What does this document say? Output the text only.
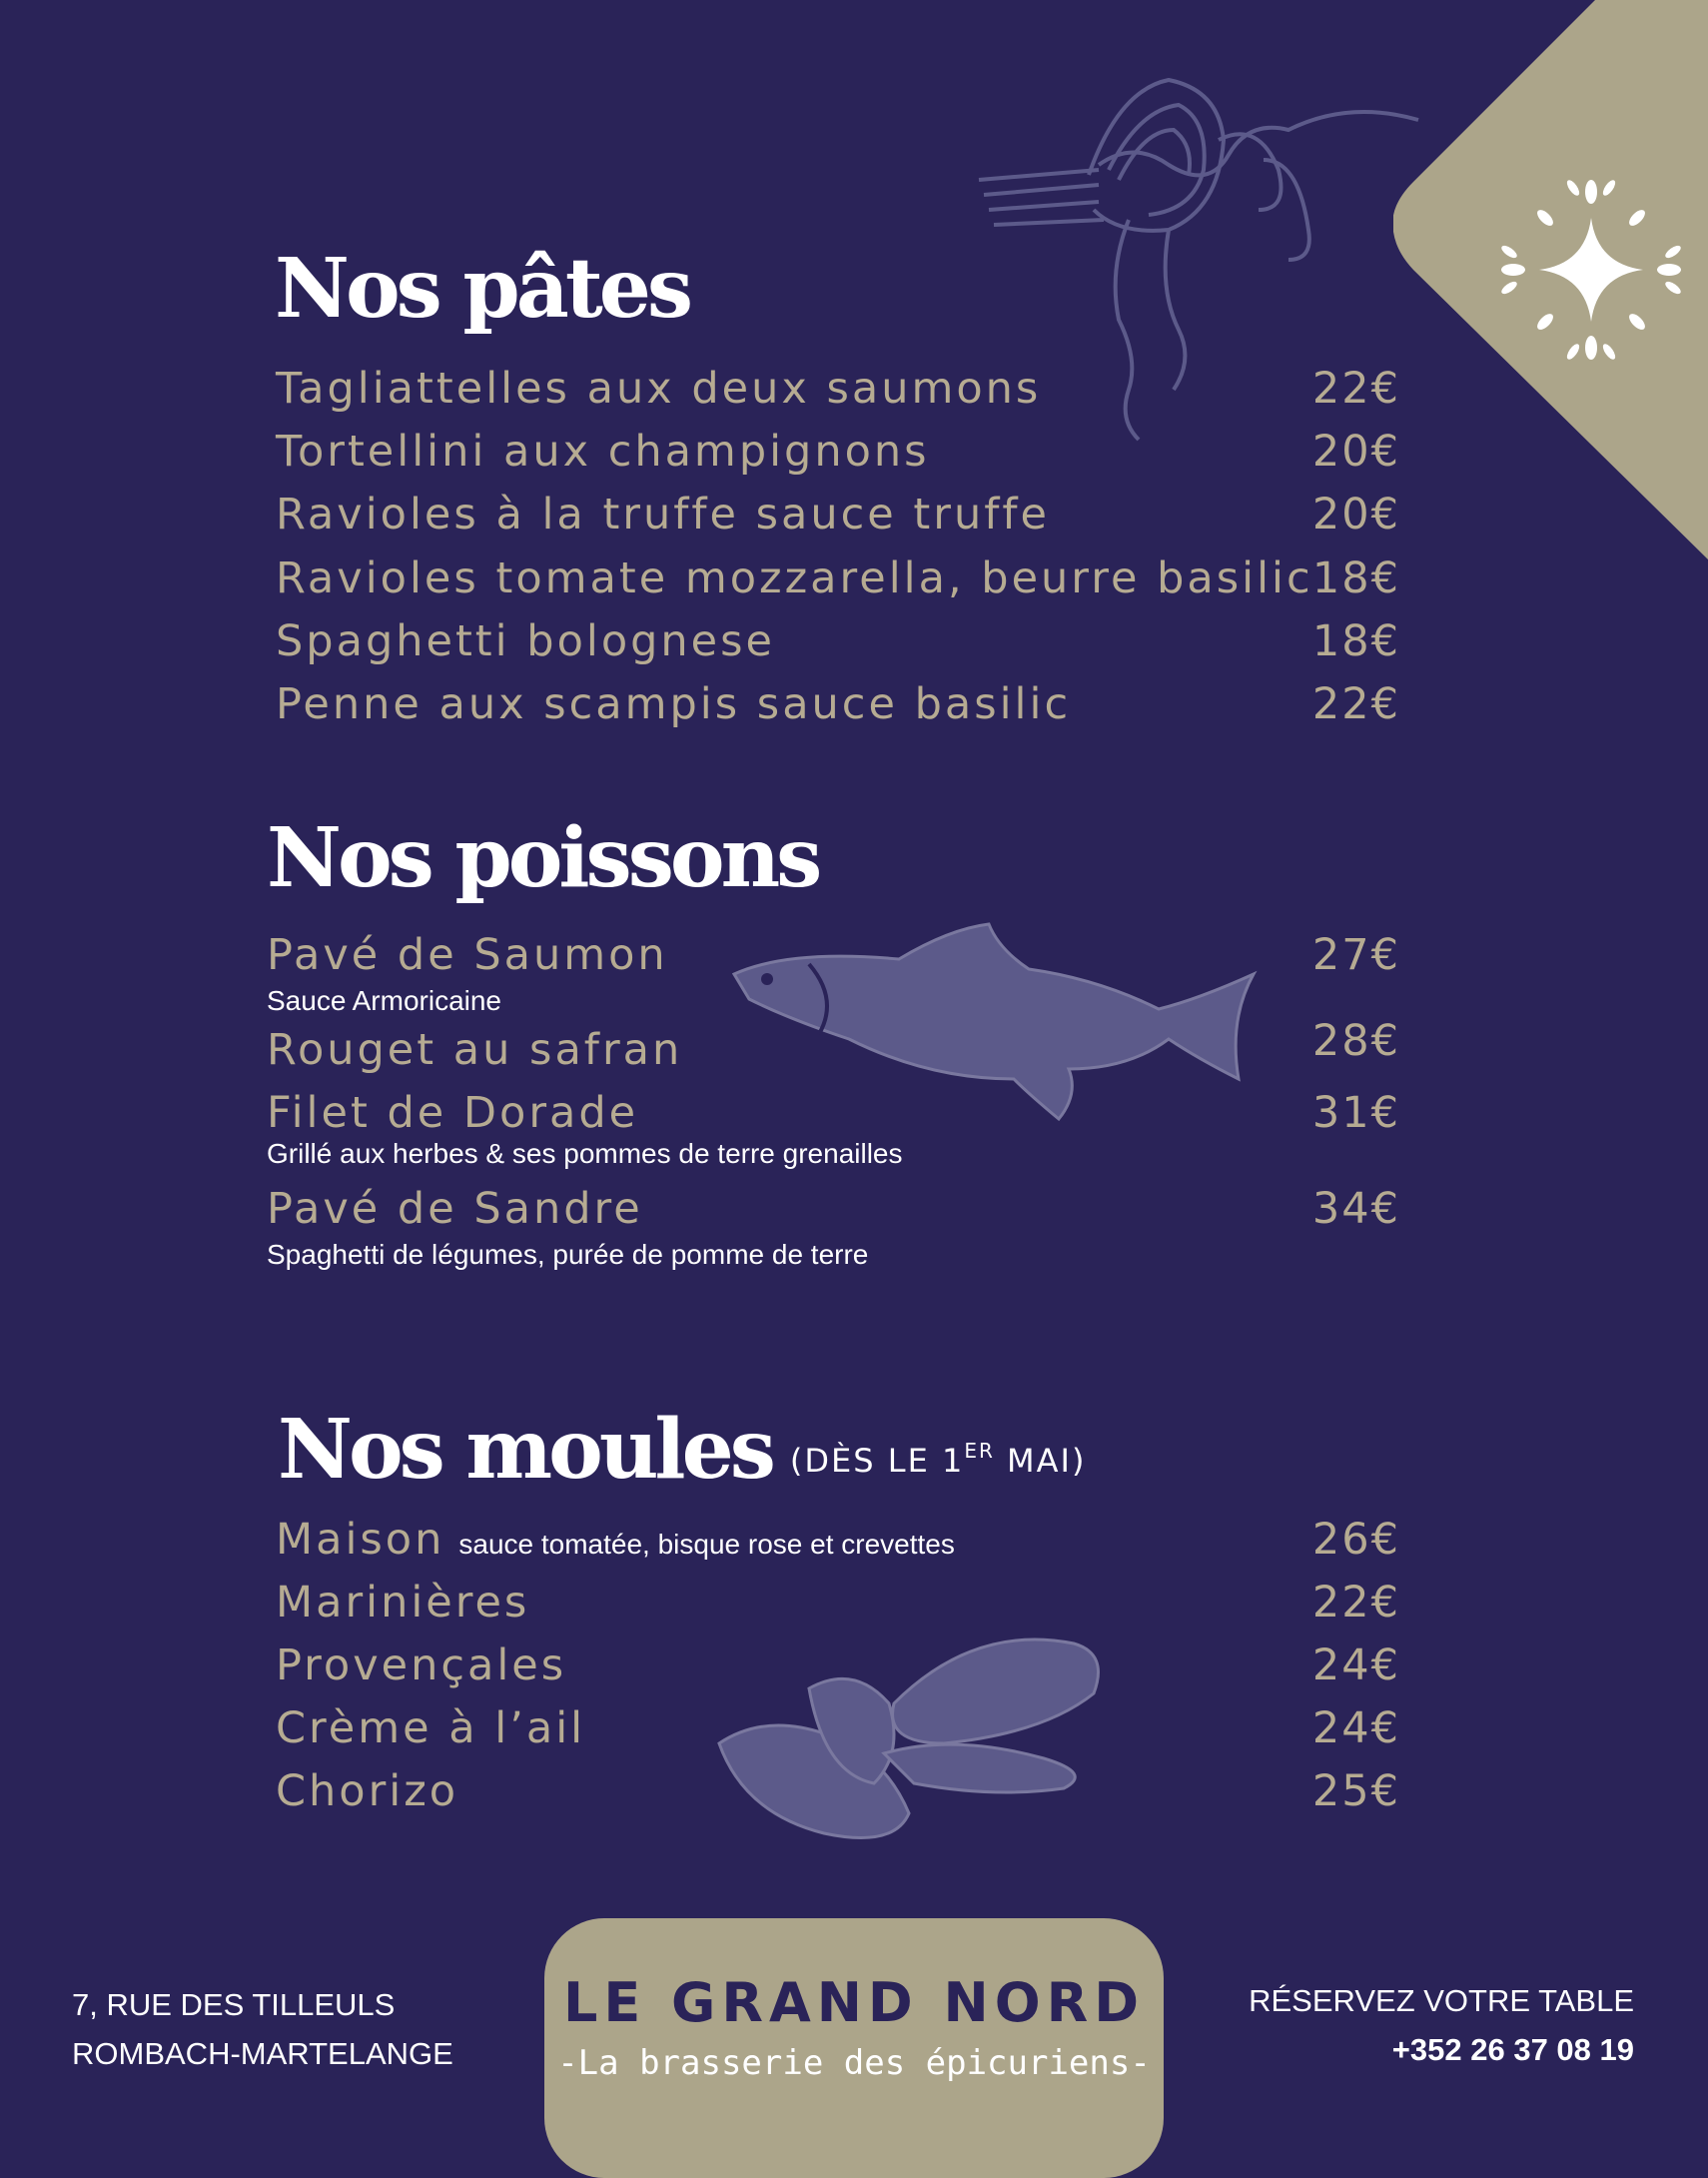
Nos pâtes
Tagliattelles aux deux saumons	22€
Tortellini aux champignons	20€
Ravioles à la truffe sauce truffe	20€
Ravioles tomate mozzarella, beurre basilic 18€
Spaghetti bolognese	18€
Penne aux scampis sauce basilic	22€
Nos poissons
Pavé de Saumon	27€
Sauce Armoricaine
Rouget au safran	28€
Filet de Dorade	31€
Grillé aux herbes & ses pommes de terre grenailles
Pavé de Sandre	34€
Spaghetti de légumes, purée de pomme de terre
Nos moules (DÈS LE 1ER MAI)
Maison sauce tomatée, bisque rose et crevettes	26€
Marinières	22€
Provençales	24€
Crème à l’ail	24€
Chorizo	25€
7, RUE DES TILLEULS
ROMBACH-MARTELANGE
LE GRAND NORD
-La brasserie des épicuriens-
RÉSERVEZ VOTRE TABLE
+352 26 37 08 19
